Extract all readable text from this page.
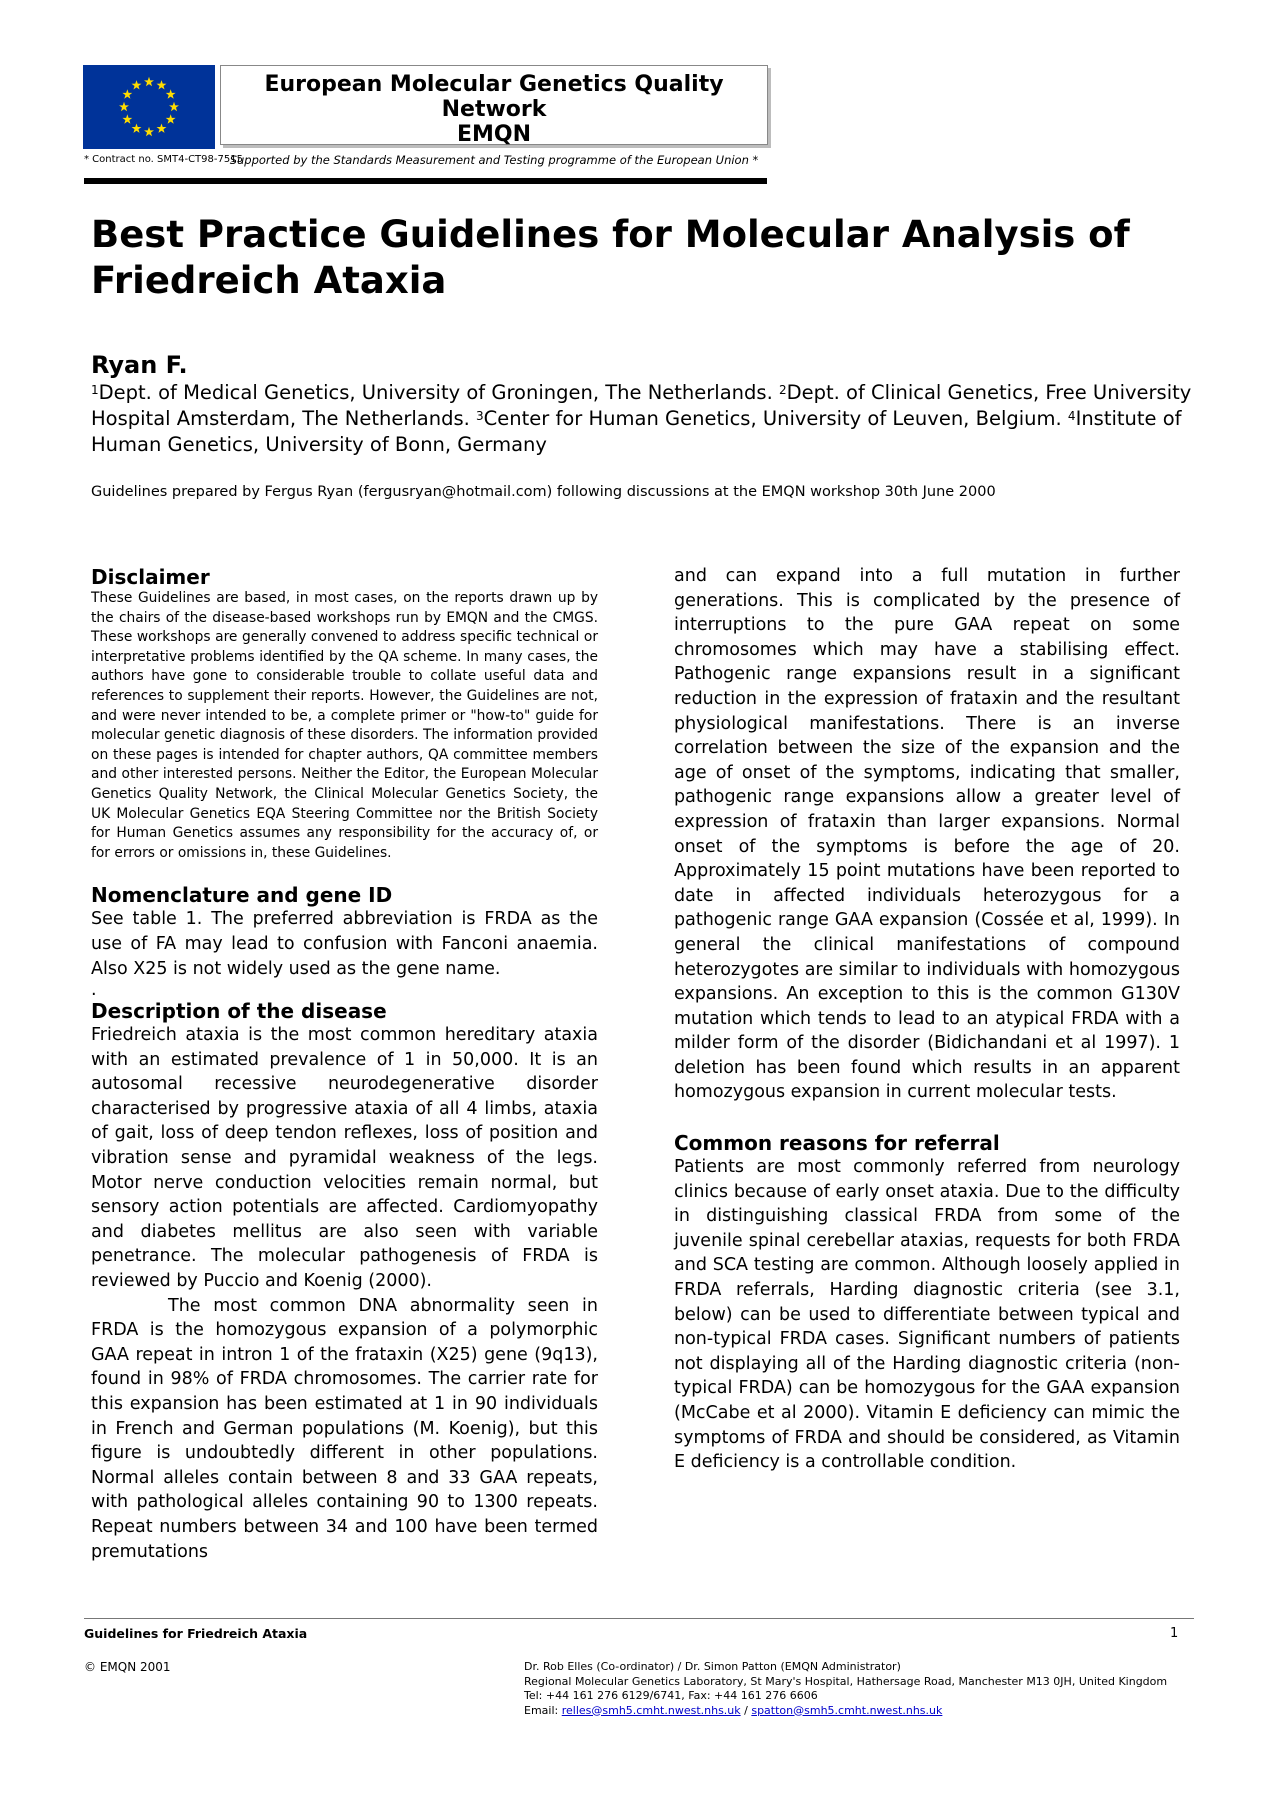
European Molecular Genetics Quality Network
EMQN
Supported by the Standards Measurement and Testing programme of the European Union *
* Contract no. SMT4-CT98-7515
Best Practice Guidelines for Molecular Analysis of
Friedreich Ataxia
Ryan F.
$^1$Dept. of Medical Genetics, University of Groningen, The Netherlands. $^2$Dept. of Clinical Genetics, Free University Hospital Amsterdam, The Netherlands. $^3$Center for Human Genetics, University of Leuven, Belgium. $^4$Institute of Human Genetics, University of Bonn, Germany
Guidelines prepared by Fergus Ryan (fergusryan@hotmail.com) following discussions at the EMQN workshop 30th June 2000
Disclaimer

These Guidelines are based, in most cases, on the reports drawn up by the chairs of the disease-based workshops run by EMQN and the CMGS. These workshops are generally convened to address specific technical or interpretative problems identified by the QA scheme. In many cases, the authors have gone to considerable trouble to collate useful data and references to supplement their reports. However, the Guidelines are not, and were never intended to be, a complete primer or "how-to" guide for molecular genetic diagnosis of these disorders. The information provided on these pages is intended for chapter authors, QA committee members and other interested persons. Neither the Editor, the European Molecular Genetics Quality Network, the Clinical Molecular Genetics Society, the UK Molecular Genetics EQA Steering Committee nor the British Society for Human Genetics assumes any responsibility for the accuracy of, or for errors or omissions in, these Guidelines.

Nomenclature and gene ID

See table 1. The preferred abbreviation is FRDA as the use of FA may lead to confusion with Fanconi anaemia. Also X25 is not widely used as the gene name.

.

Description of the disease

Friedreich ataxia is the most common hereditary ataxia with an estimated prevalence of 1 in 50,000. It is an autosomal recessive neurodegenerative disorder characterised by progressive ataxia of all 4 limbs, ataxia of gait, loss of deep tendon reflexes, loss of position and vibration sense and pyramidal weakness of the legs. Motor nerve conduction velocities remain normal, but sensory action potentials are affected. Cardiomyopathy and diabetes mellitus are also seen with variable penetrance. The molecular pathogenesis of FRDA is reviewed by Puccio and Koenig (2000).

The most common DNA abnormality seen in FRDA is the homozygous expansion of a polymorphic GAA repeat in intron 1 of the frataxin (X25) gene (9q13), found in 98% of FRDA chromosomes. The carrier rate for this expansion has been estimated at 1 in 90 individuals in French and German populations (M. Koenig), but this figure is undoubtedly different in other populations. Normal alleles contain between 8 and 33 GAA repeats, with pathological alleles containing 90 to 1300 repeats. Repeat numbers between 34 and 100 have been termed premutations

and can expand into a full mutation in further generations. This is complicated by the presence of interruptions to the pure GAA repeat on some chromosomes which may have a stabilising effect. Pathogenic range expansions result in a significant reduction in the expression of frataxin and the resultant physiological manifestations. There is an inverse correlation between the size of the expansion and the age of onset of the symptoms, indicating that smaller, pathogenic range expansions allow a greater level of expression of frataxin than larger expansions. Normal onset of the symptoms is before the age of 20. Approximately 15 point mutations have been reported to date in affected individuals heterozygous for a pathogenic range GAA expansion (Cossée et al, 1999). In general the clinical manifestations of compound heterozygotes are similar to individuals with homozygous expansions. An exception to this is the common G130V mutation which tends to lead to an atypical FRDA with a milder form of the disorder (Bidichandani et al 1997). 1 deletion has been found which results in an apparent homozygous expansion in current molecular tests.

Common reasons for referral

Patients are most commonly referred from neurology clinics because of early onset ataxia. Due to the difficulty in distinguishing classical FRDA from some of the juvenile spinal cerebellar ataxias, requests for both FRDA and SCA testing are common. Although loosely applied in FRDA referrals, Harding diagnostic criteria (see 3.1, below) can be used to differentiate between typical and non-typical FRDA cases. Significant numbers of patients not displaying all of the Harding diagnostic criteria (non-typical FRDA) can be homozygous for the GAA expansion (McCabe et al 2000). Vitamin E deficiency can mimic the symptoms of FRDA and should be considered, as Vitamin E deficiency is a controllable condition.

Guidelines for Friedreich Ataxia	1
© EMQN 2001	Dr. Rob Elles (Co-ordinator) / Dr. Simon Patton (EMQN Administrator)
Regional Molecular Genetics Laboratory, St Mary's Hospital, Hathersage Road, Manchester M13 0JH, United Kingdom
Tel: +44 161 276 6129/6741, Fax: +44 161 276 6606
Email: relles@smh5.cmht.nwest.nhs.uk / spatton@smh5.cmht.nwest.nhs.uk
